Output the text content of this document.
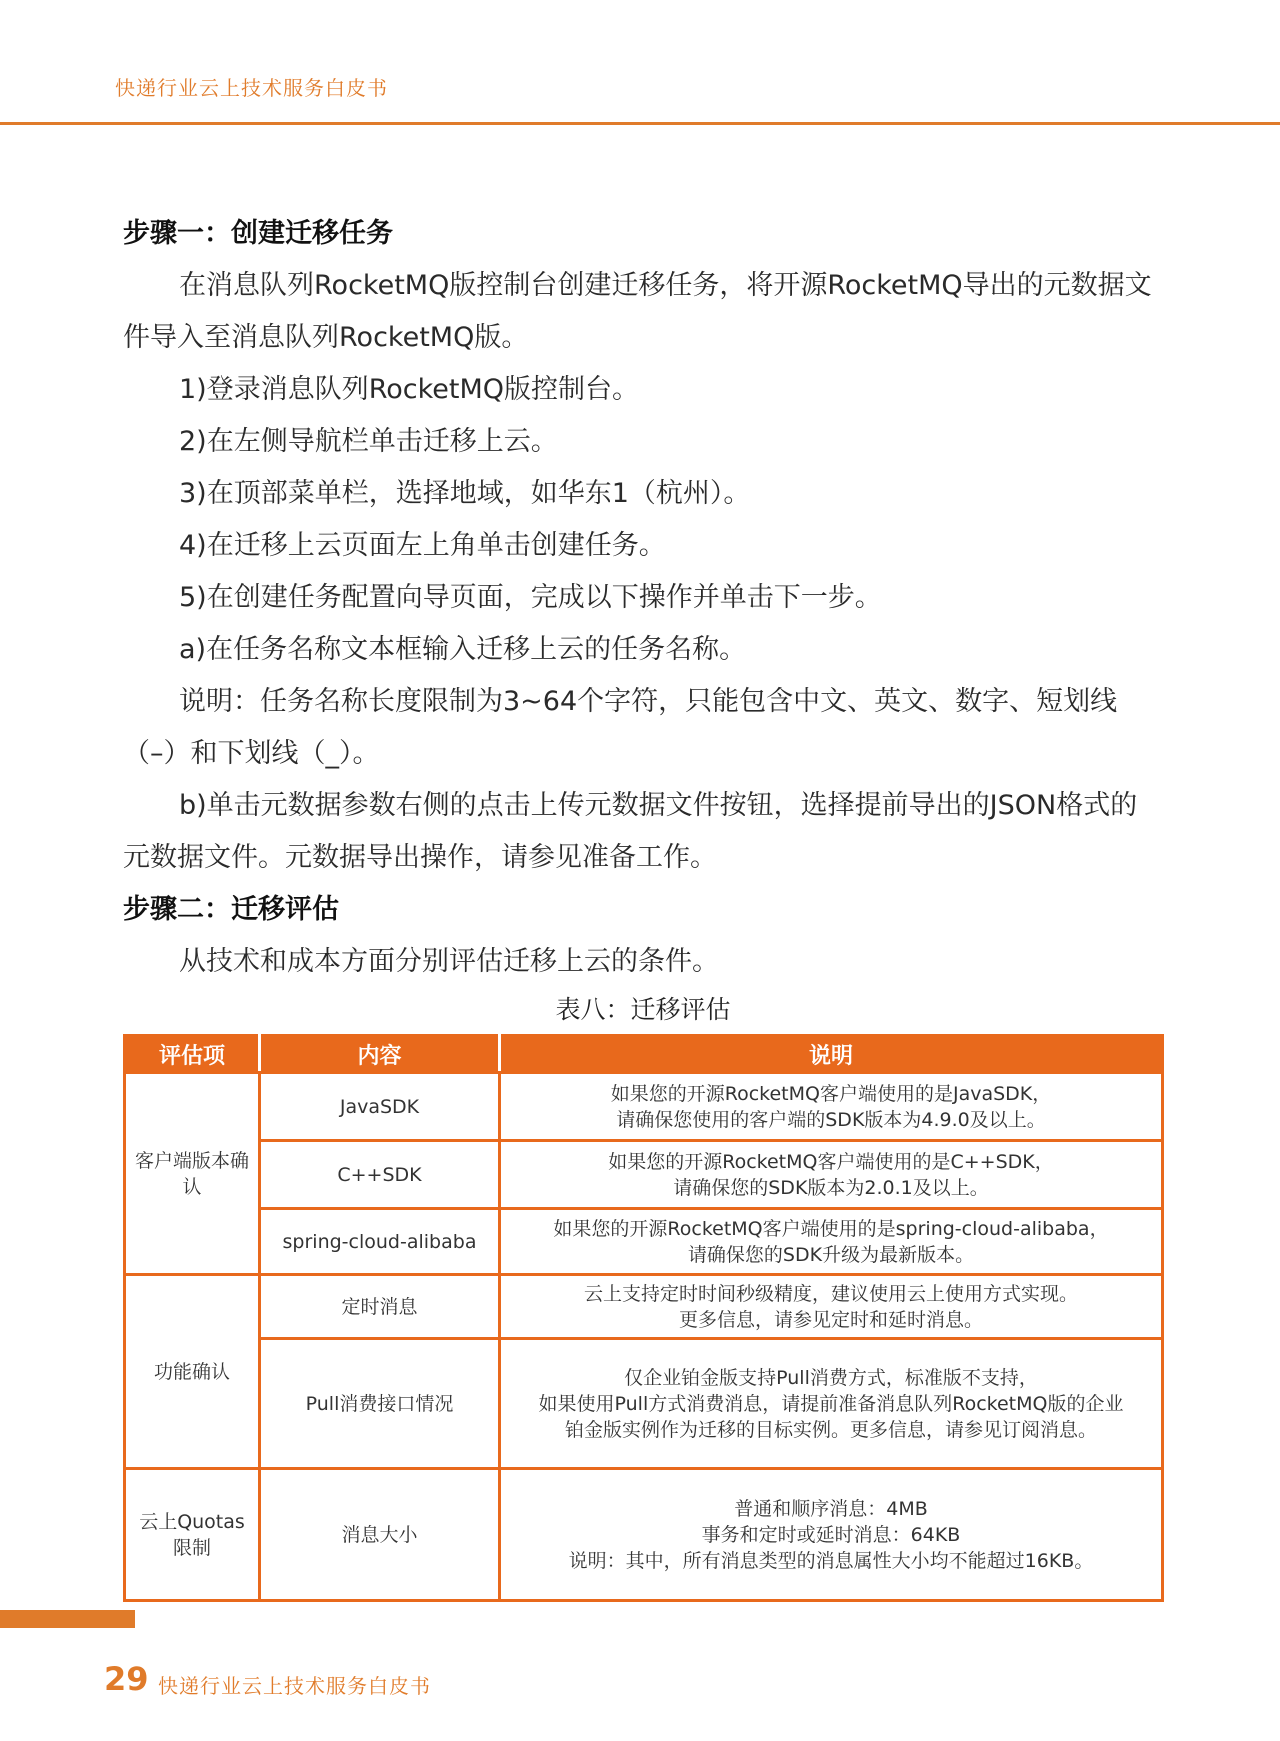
快递行业云上技术服务白皮书

步骤一：创建迁移任务

在消息队列RocketMQ版控制台创建迁移任务，将开源RocketMQ导出的元数据文件导入至消息队列RocketMQ版。

1)登录消息队列RocketMQ版控制台。

2)在左侧导航栏单击迁移上云。

3)在顶部菜单栏，选择地域，如华东1（杭州）。

4)在迁移上云页面左上角单击创建任务。

5)在创建任务配置向导页面，完成以下操作并单击下一步。

a)在任务名称文本框输入迁移上云的任务名称。

说明：任务名称长度限制为3~64个字符，只能包含中文、英文、数字、短划线（–）和下划线（_）。

b)单击元数据参数右侧的点击上传元数据文件按钮，选择提前导出的JSON格式的元数据文件。元数据导出操作，请参见准备工作。

步骤二：迁移评估

从技术和成本方面分别评估迁移上云的条件。

表八：迁移评估
评估项	内容	说明
客户端版本确认	JavaSDK	如果您的开源RocketMQ客户端使用的是JavaSDK，
请确保您使用的客户端的SDK版本为4.9.0及以上。

	C++SDK	如果您的开源RocketMQ客户端使用的是C++SDK，
请确保您的SDK版本为2.0.1及以上。

	spring-cloud-alibaba	如果您的开源RocketMQ客户端使用的是spring-cloud-alibaba，
请确保您的SDK升级为最新版本。

功能确认	定时消息	云上支持定时时间秒级精度，建议使用云上使用方式实现。
更多信息，请参见定时和延时消息。

	Pull消费接口情况	仅企业铂金版支持Pull消费方式，标准版不支持，
如果使用Pull方式消费消息，请提前准备消息队列RocketMQ版的企业
铂金版实例作为迁移的目标实例。更多信息，请参见订阅消息。

云上Quotas限制	消息大小	普通和顺序消息：4MB
事务和定时或延时消息：64KB
说明：其中，所有消息类型的消息属性大小均不能超过16KB。
29 快递行业云上技术服务白皮书
